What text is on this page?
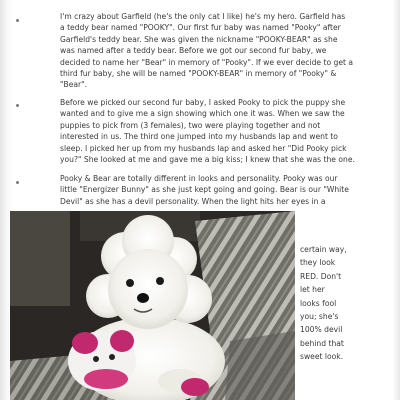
I'm crazy about Garfield (he's the only cat I like) he's my hero. Garfield has
a teddy bear named "POOKY". Our first fur baby was named "Pooky" after
Garfield's teddy bear. She was given the nickname "POOKY-BEAR" as she
was named after a teddy bear. Before we got our second fur baby, we
decided to name her "Bear" in memory of "Pooky". If we ever decide to get a
third fur baby, she will be named "POOKY-BEAR" in memory of "Pooky" &
"Bear".

Before we picked our second fur baby, I asked Pooky to pick the puppy she
wanted and to give me a sign showing which one it was. When we saw the
puppies to pick from (3 females), two were playing together and not
interested in us. The third one jumped into my husbands lap and went to
sleep. I picked her up from my husbands lap and asked her "Did Pooky pick
you?" She looked at me and gave me a big kiss; I knew that she was the one.

Pooky & Bear are totally different in looks and personality. Pooky was our
little "Energizer Bunny" as she just kept going and going. Bear is our "White
Devil" as she has a devil personality. When the light hits her eyes in a

certain way,
they look
RED. Don't
let her
looks fool
you; she's
100% devil
behind that
sweet look.
